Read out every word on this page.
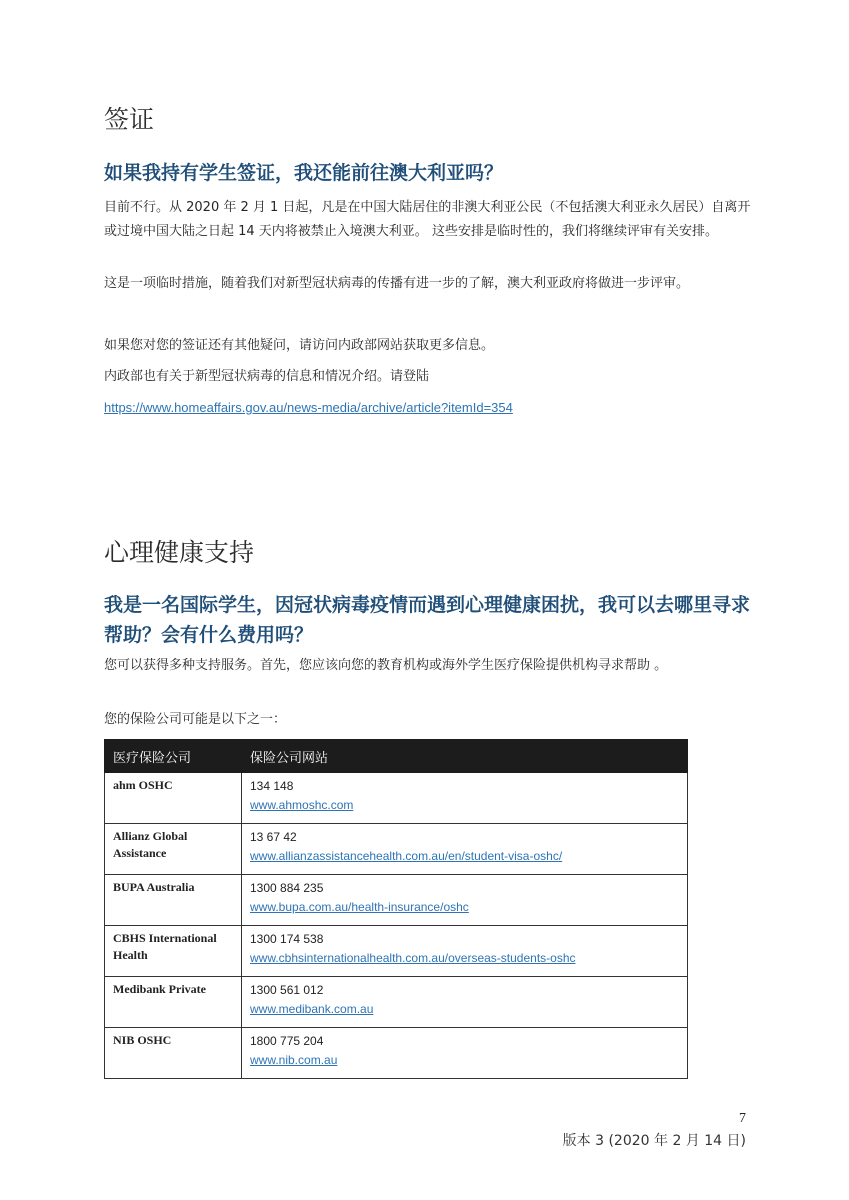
签证
如果我持有学生签证，我还能前往澳大利亚吗？

目前不行。从 2020 年 2 月 1 日起，凡是在中国大陆居住的非澳大利亚公民（不包括澳大利亚永久居民）自离开或过境中国大陆之日起 14 天内将被禁止入境澳大利亚。 这些安排是临时性的，我们将继续评审有关安排。

这是一项临时措施，随着我们对新型冠状病毒的传播有进一步的了解，澳大利亚政府将做进一步评审。

如果您对您的签证还有其他疑问，请访问内政部网站获取更多信息。

内政部也有关于新型冠状病毒的信息和情况介绍。请登陆

https://www.homeaffairs.gov.au/news-media/archive/article?itemId=354

心理健康支持
我是一名国际学生，因冠状病毒疫情而遇到心理健康困扰，我可以去哪里寻求帮助？会有什么费用吗？

您可以获得多种支持服务。首先，您应该向您的教育机构或海外学生医疗保险提供机构寻求帮助 。

您的保险公司可能是以下之一：

医疗保险公司	保险公司网站
ahm OSHC	134 148
www.ahmoshc.com
Allianz Global Assistance	13 67 42
www.allianzassistancehealth.com.au/en/student-visa-oshc/
BUPA Australia	1300 884 235
www.bupa.com.au/health-insurance/oshc
CBHS International Health	1300 174 538
www.cbhsinternationalhealth.com.au/overseas-students-oshc
Medibank Private	1300 561 012
www.medibank.com.au
NIB OSHC	1800 775 204
www.nib.com.au
7
版本 3 (2020 年 2 月 14 日)
